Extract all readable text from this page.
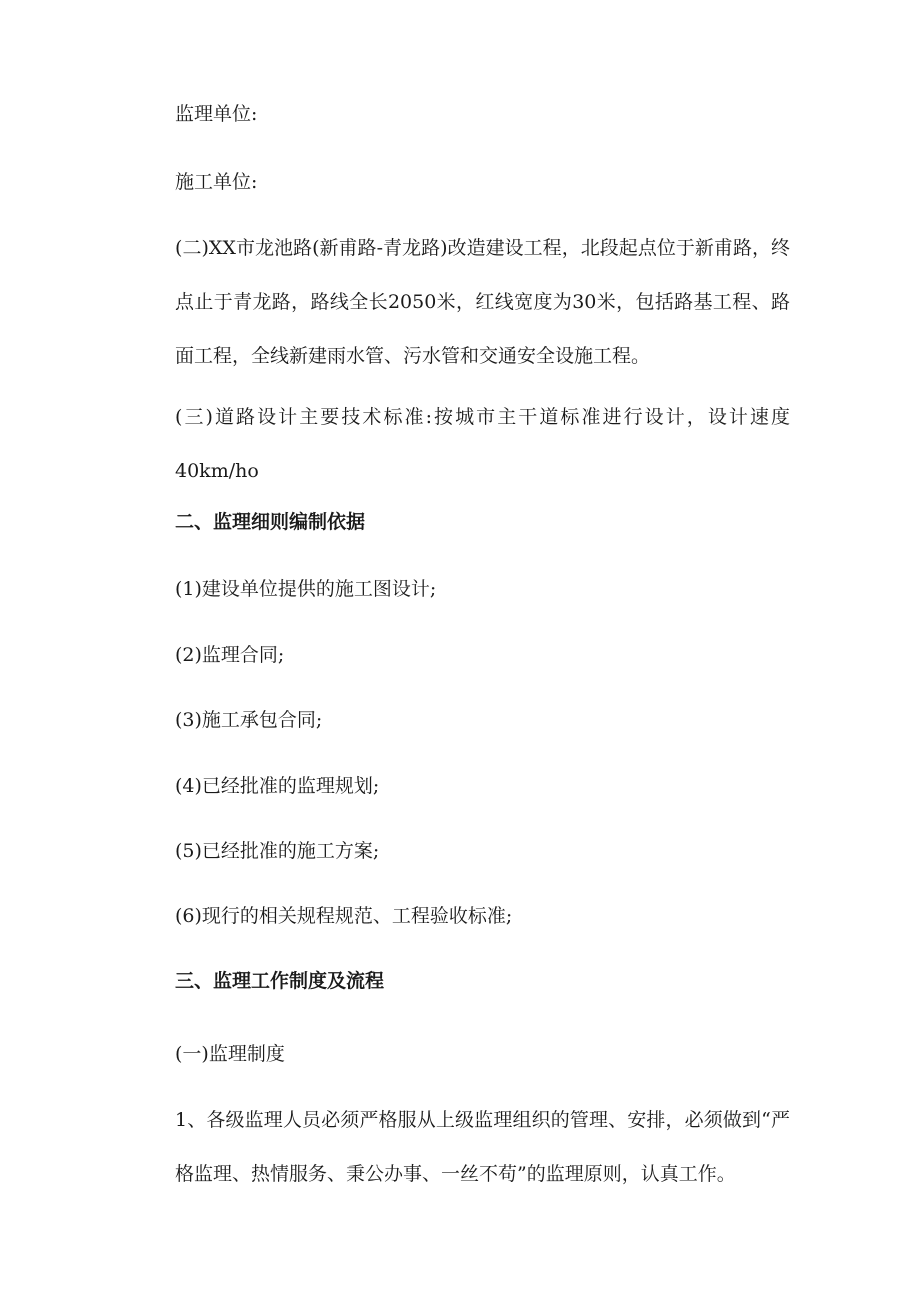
监理单位:

施工单位:

(二)XX市龙池路(新甫路-青龙路)改造建设工程，北段起点位于新甫路，终点止于青龙路，路线全长2050米，红线宽度为30米，包括路基工程、路面工程，全线新建雨水管、污水管和交通安全设施工程。

(三)道路设计主要技术标准:按城市主干道标准进行设计，设计速度40km∕ho

二、监理细则编制依据

(1)建设单位提供的施工图设计;

(2)监理合同;

(3)施工承包合同;

(4)已经批准的监理规划;

(5)已经批准的施工方案;

(6)现行的相关规程规范、工程验收标准;

三、监理工作制度及流程

(一)监理制度

1、各级监理人员必须严格服从上级监理组织的管理、安排，必须做到“严格监理、热情服务、秉公办事、一丝不苟”的监理原则，认真工作。
